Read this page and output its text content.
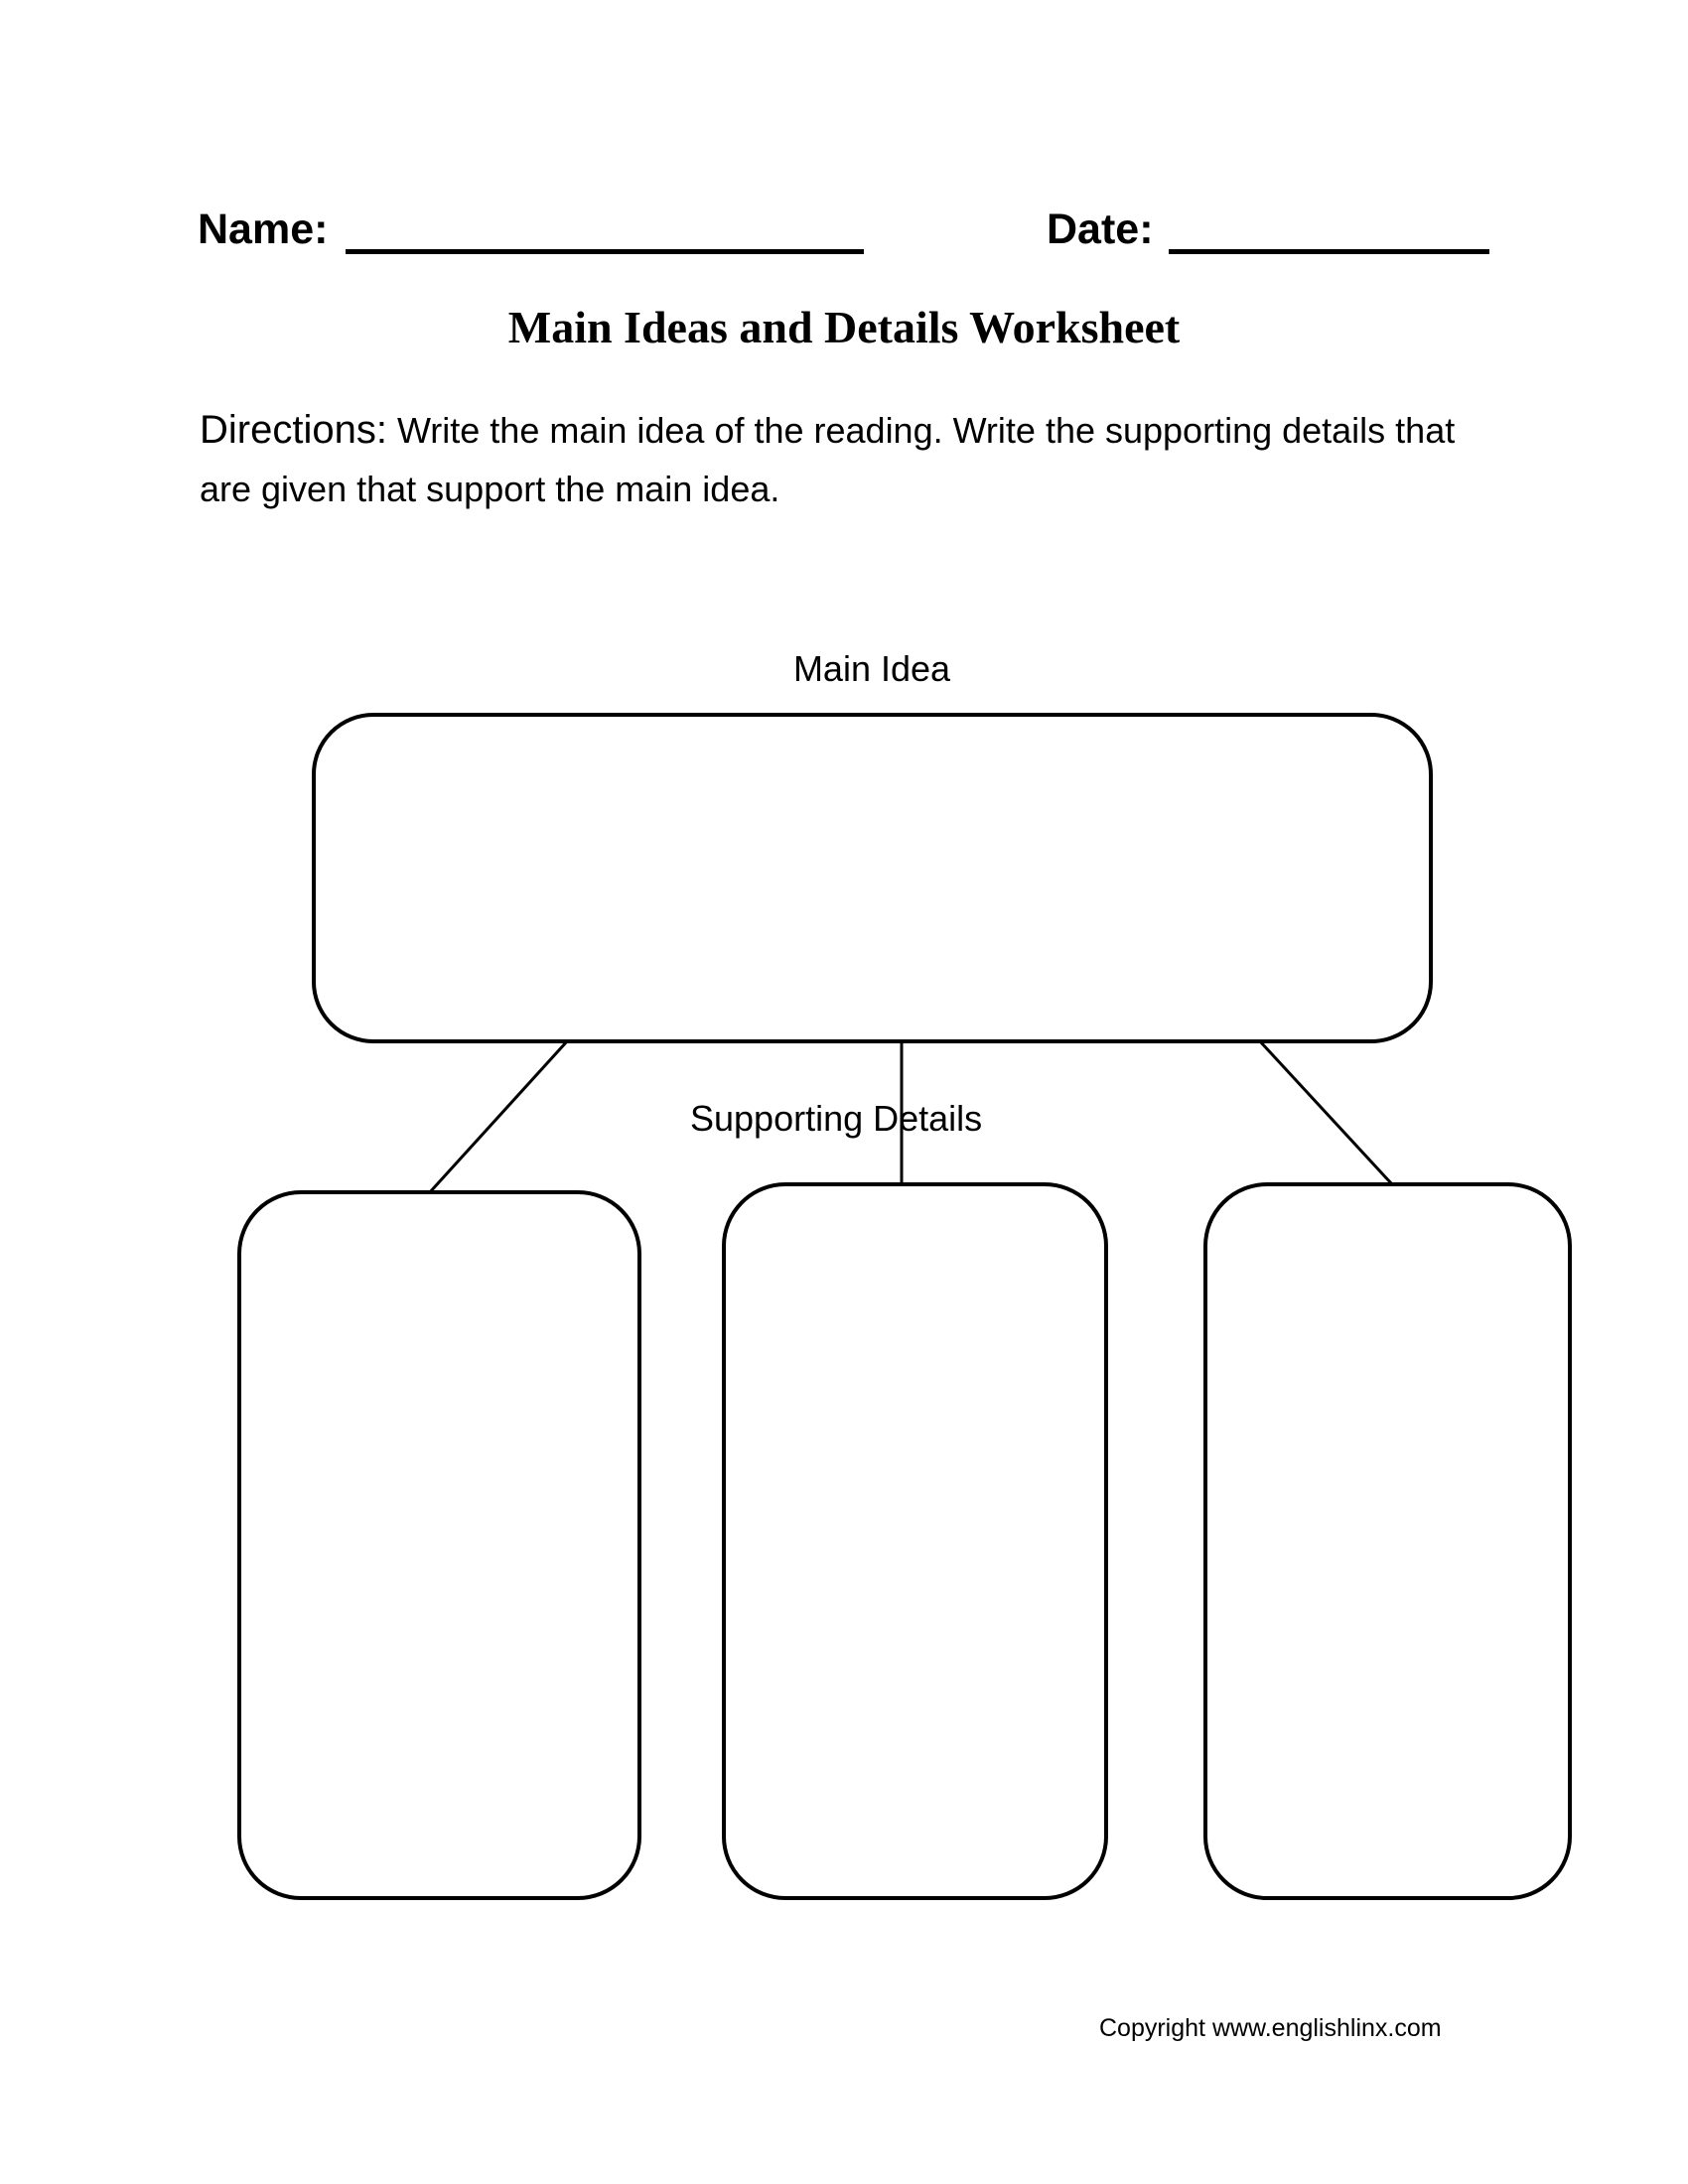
Name:	Date:
Main Ideas and Details Worksheet
Directions: Write the main idea of the reading. Write the supporting details that are given that support the main idea.
Main Idea
Supporting Details
Copyright www.englishlinx.com
